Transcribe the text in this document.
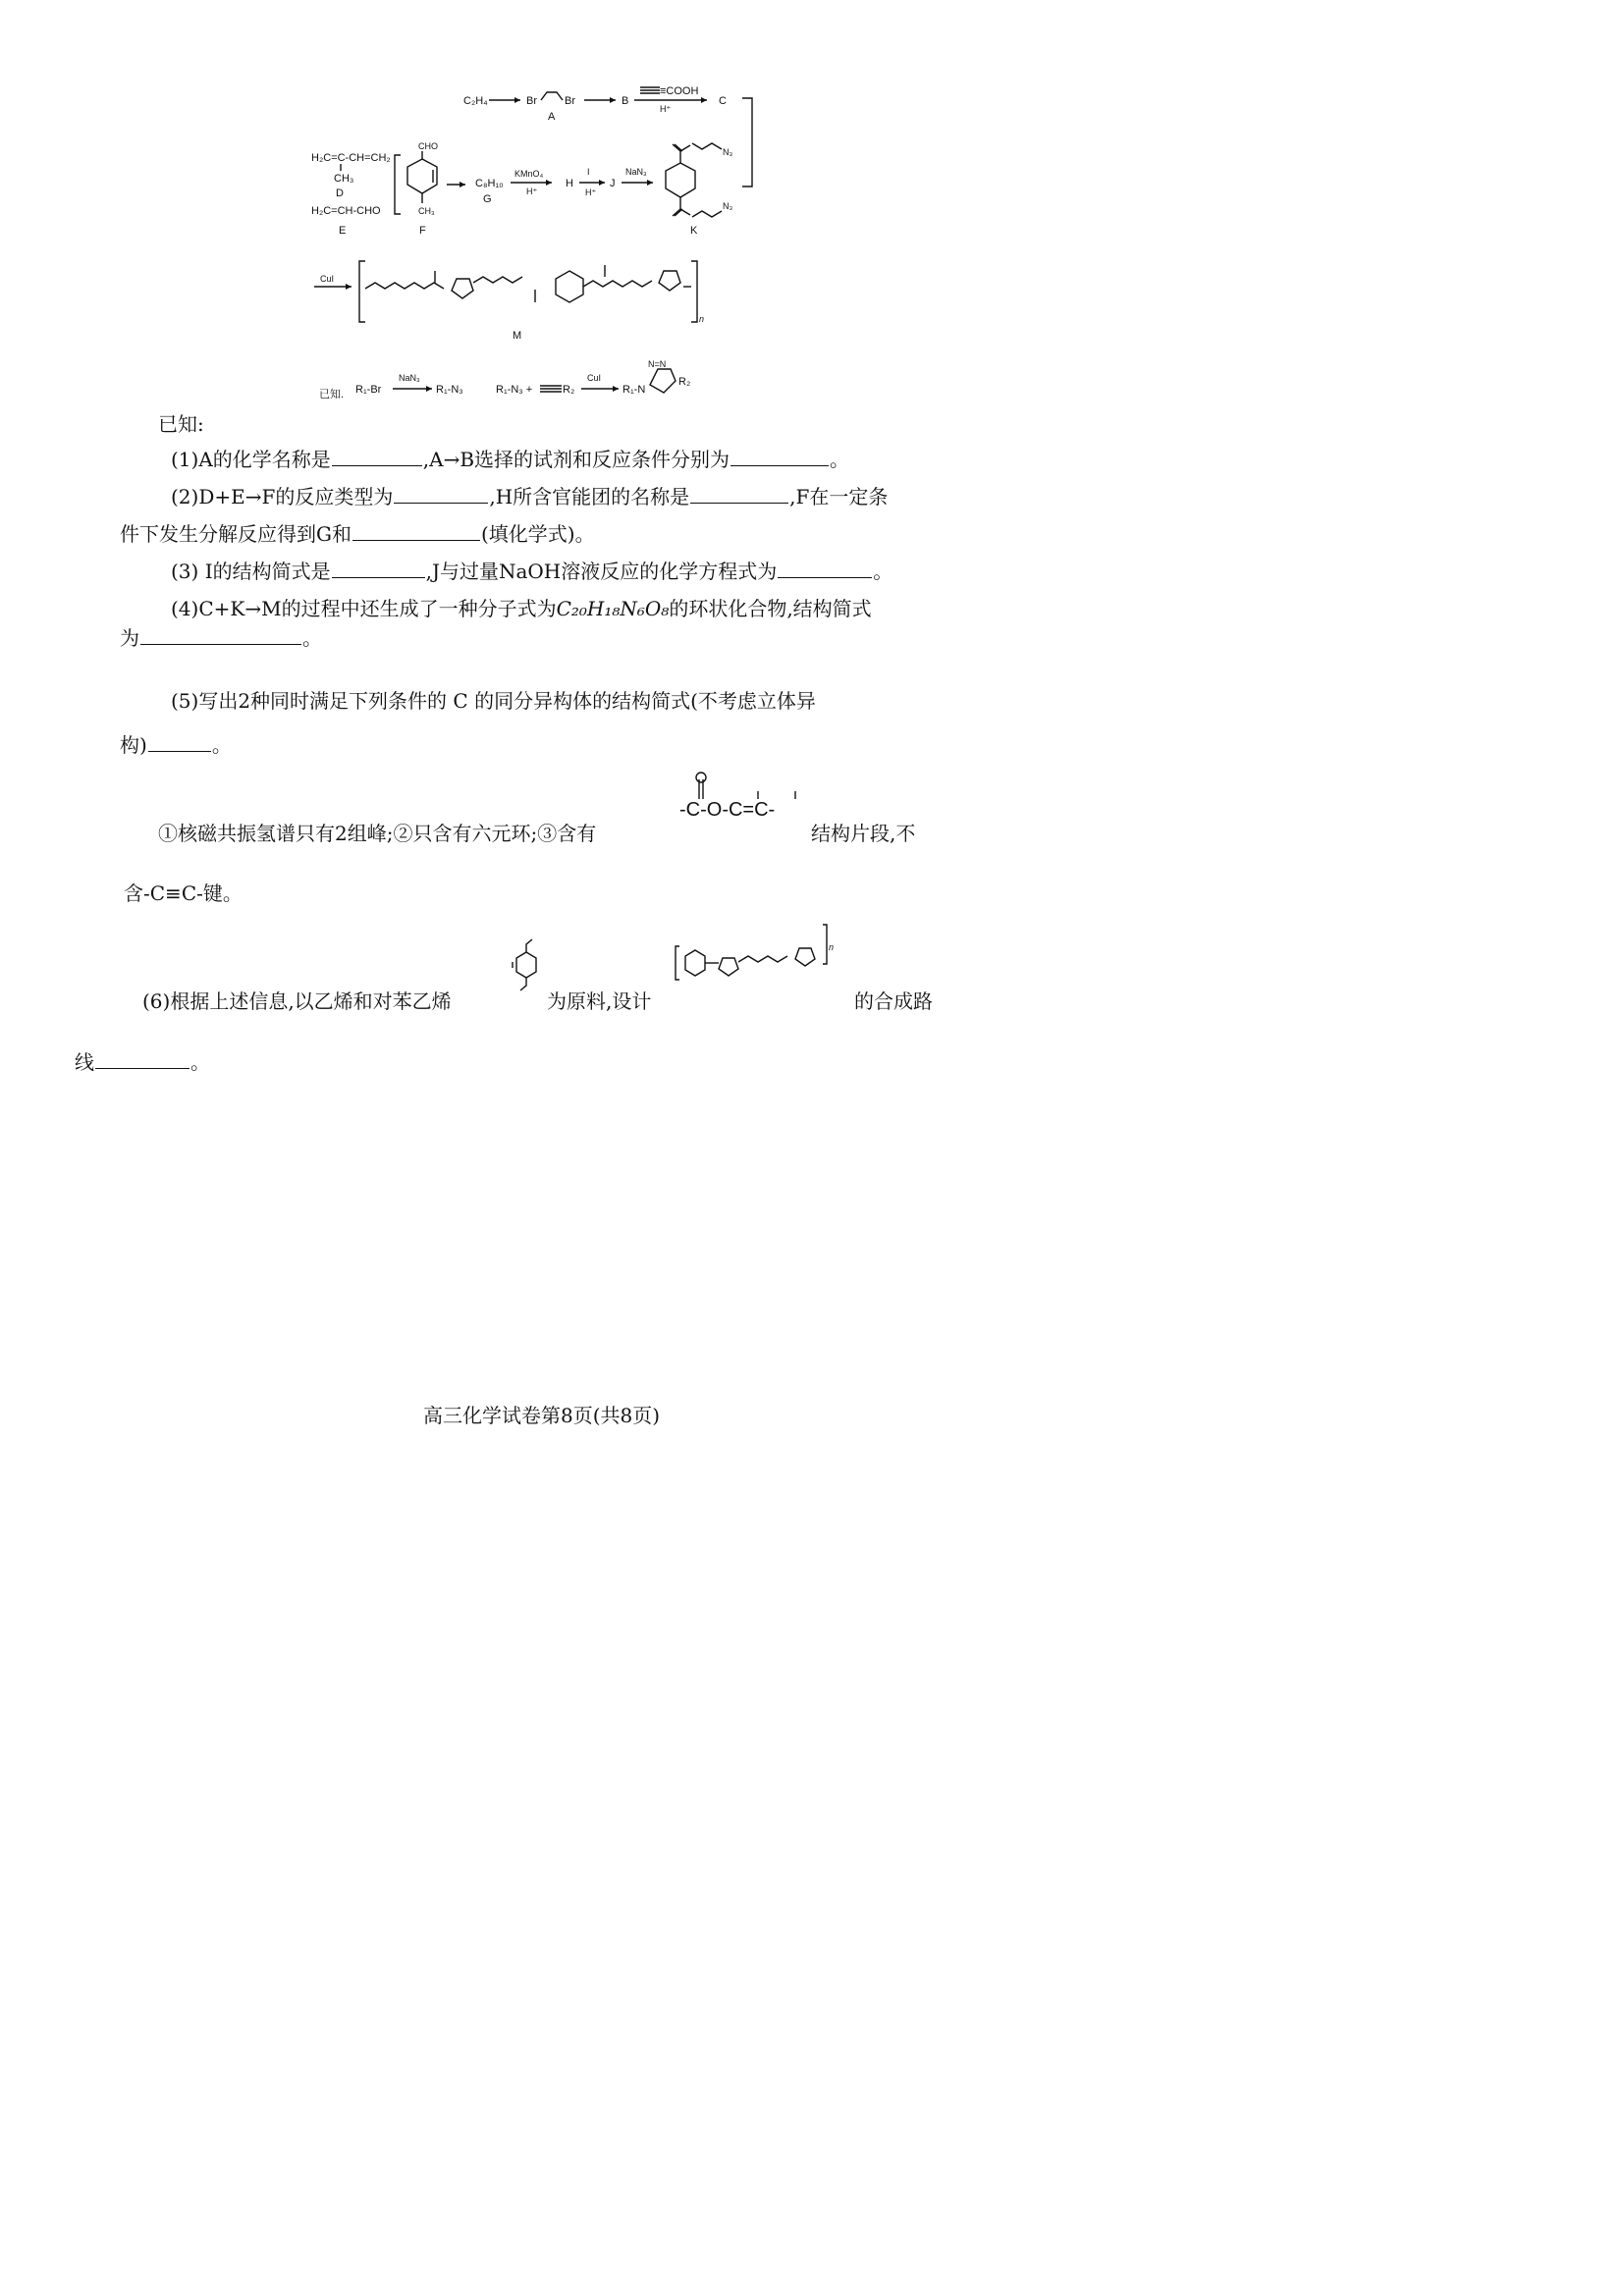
C₂H₄	Br	Br
A
B
≡COOH
H⁺
C
H₂C=C-CH=CH₂
CH₃
D
H₂C=CH-CHO
E
CHO
CH₃
F
C₈H₁₀
G
KMnO₄
H⁺
H
I
H⁺
J
NaN₃
N₃
N₃
K
CuI
n
M
已知. R₁-Br
NaN₃
R₁-N₃	R₁-N₃ +	R₂
CuI
R₁-N
N=N
R₂
已知:
(1)A的化学名称是	,A→B选择的试剂和反应条件分别为	。
(2)D+E→F的反应类型为	,H所含官能团的名称是	,F在一定条
件下发生分解反应得到G和	(填化学式)。
(3) Ⅰ的结构简式是	,J与过量NaOH溶液反应的化学方程式为	。
(4)C+K→M的过程中还生成了一种分子式为C₂₀H₁₈N₆O₈的环状化合物,结构简式
为	。
(5)写出2种同时满足下列条件的 C 的同分异构体的结构简式(不考虑立体异
构)	。
-C-O-C=C-
①核磁共振氢谱只有2组峰;②只含有六元环;③含有	结构片段,不
含-C≡C-键。
n
(6)根据上述信息,以乙烯和对苯乙烯	为原料,设计	的合成路
线	。
高三化学试卷第8页(共8页)
